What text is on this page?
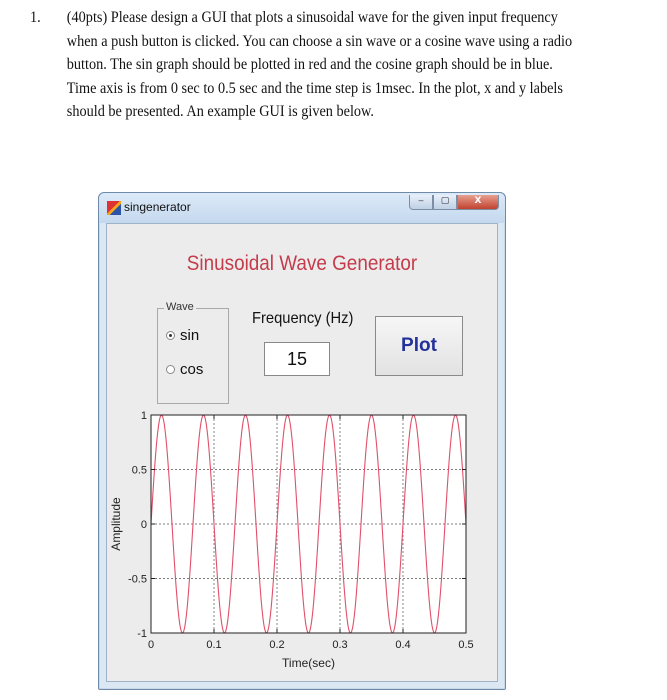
1. (40pts) Please design a GUI that plots a sinusoidal wave for the given input frequency
when a push button is clicked. You can choose a sin wave or a cosine wave using a radio
button. The sin graph should be plotted in red and the cosine graph should be in blue.
Time axis is from 0 sec to 0.5 sec and the time step is 1msec. In the plot, x and y labels
should be presented. An example GUI is given below.
singenerator	‒	▢	X
Sinusoidal Wave Generator
Wave
sin
cos
Frequency (Hz)
15
Plot
0	0.1	0.2	0.3	0.4	0.5
-1
-0.5
0
0.5
1
Time(sec)
Amplitude
